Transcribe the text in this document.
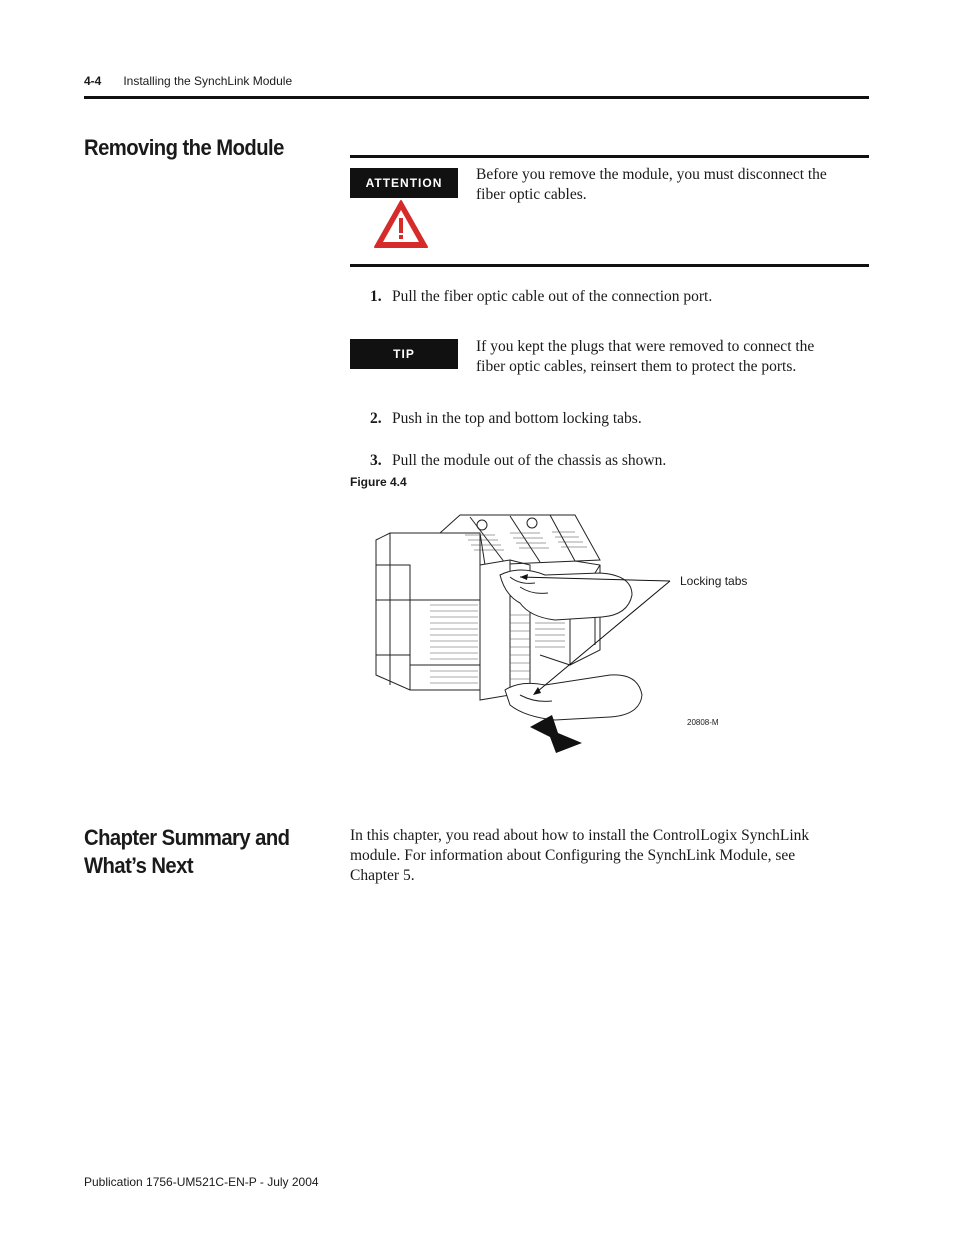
4-4 Installing the SynchLink Module
Removing the Module
ATTENTION	Before you remove the module, you must disconnect the
fiber optic cables.
1. Pull the fiber optic cable out of the connection port.
TIP	If you kept the plugs that were removed to connect the
fiber optic cables, reinsert them to protect the ports.
2. Push in the top and bottom locking tabs.
3. Pull the module out of the chassis as shown.
Figure 4.4
Locking tabs
20808-M
Chapter Summary and
What’s Next
In this chapter, you read about how to install the ControlLogix SynchLink
module. For information about Configuring the SynchLink Module, see
Chapter 5.
Publication 1756-UM521C-EN-P - July 2004
